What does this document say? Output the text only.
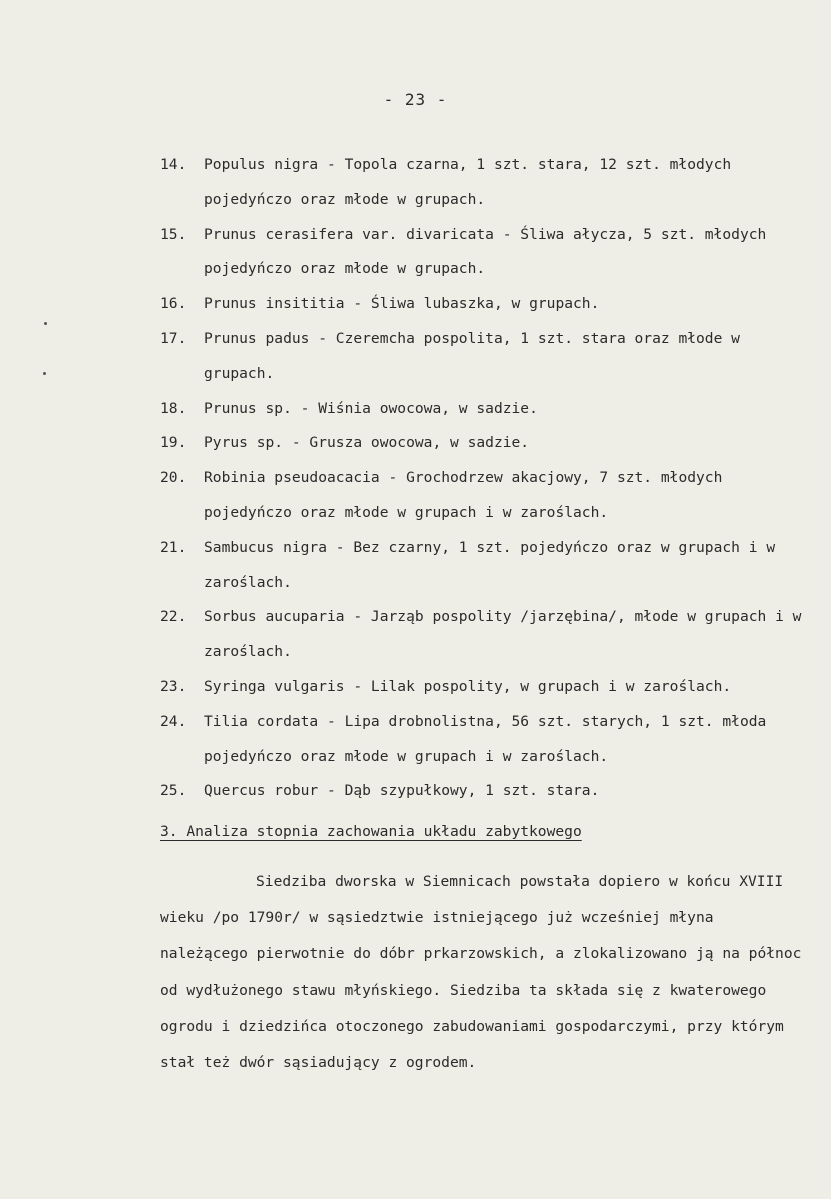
- 23 -
14.	Populus nigra - Topola czarna, 1 szt. stara, 12 szt. młodych pojedyńczo oraz młode w grupach.
15.	Prunus cerasifera var. divaricata - Śliwa ałycza, 5 szt. młodych pojedyńczo oraz młode w grupach.
16.	Prunus insititia - Śliwa lubaszka, w grupach.
17.	Prunus padus - Czeremcha pospolita, 1 szt. stara oraz młode w grupach.
18.	Prunus sp. - Wiśnia owocowa, w sadzie.
19.	Pyrus sp. - Grusza owocowa, w sadzie.
20.	Robinia pseudoacacia - Grochodrzew akacjowy, 7 szt. młodych pojedyńczo oraz młode w grupach i w zaroślach.
21.	Sambucus nigra - Bez czarny, 1 szt. pojedyńczo oraz w grupach i w zaroślach.
22.	Sorbus aucuparia - Jarząb pospolity /jarzębina/, młode w grupach i w zaroślach.
23.	Syringa vulgaris - Lilak pospolity, w grupach i w zaroślach.
24.	Tilia cordata - Lipa drobnolistna, 56 szt. starych, 1 szt. młoda pojedyńczo oraz młode w grupach i w zaroślach.
25.	Quercus robur - Dąb szypułkowy, 1 szt. stara.
3. Analiza stopnia zachowania układu zabytkowego
Siedziba dworska w Siemnicach powstała dopiero w końcu XVIII wieku /po 1790r/ w sąsiedztwie istniejącego już wcześniej młyna należącego pierwotnie do dóbr prkarzowskich, a zlokalizowano ją na północ od wydłużonego stawu młyńskiego. Siedziba ta składa się z kwaterowego ogrodu i dziedzińca otoczonego zabudowaniami gospodarczymi, przy którym stał też dwór sąsiadujący z ogrodem.
